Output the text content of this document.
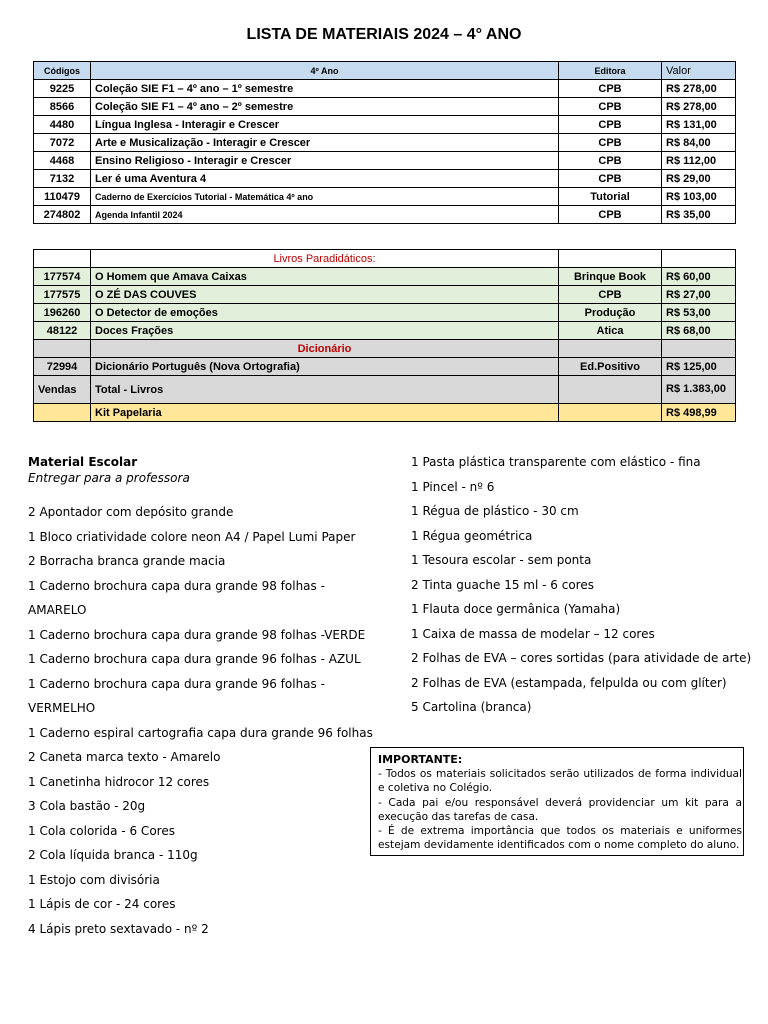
LISTA DE MATERIAIS 2024 – 4° ANO
Códigos	4º Ano	Editora	Valor
9225	Coleção SIE F1 – 4º ano – 1º semestre	CPB	R$ 278,00
8566	Coleção SIE F1 – 4º ano – 2º semestre	CPB	R$ 278,00
4480	Língua Inglesa - Interagir e Crescer	CPB	R$ 131,00
7072	Arte e Musicalização - Interagir e Crescer	CPB	R$ 84,00
4468	Ensino Religioso - Interagir e Crescer	CPB	R$ 112,00
7132	Ler é uma Aventura 4	CPB	R$ 29,00
110479	Caderno de Exercícios Tutorial - Matemática 4º ano	Tutorial	R$ 103,00
274802	Agenda Infantil 2024	CPB	R$ 35,00
	Livros Paradidáticos:		
177574	O Homem que Amava Caixas	Brinque Book	R$ 60,00
177575	O ZÉ DAS COUVES	CPB	R$ 27,00
196260	O Detector de emoções	Produção	R$ 53,00
48122	Doces Frações	Atica	R$ 68,00
	Dicionário		
72994	Dicionário Português (Nova Ortografia)	Ed.Positivo	R$ 125,00
Vendas	Total - Livros		R$ 1.383,00
	Kit Papelaria		R$ 498,99
Material Escolar
Entregar para a professora
2 Apontador com depósito grande
1 Bloco criatividade colore neon A4 / Papel Lumi Paper
2 Borracha branca grande macia
1 Caderno brochura capa dura grande 98 folhas -
AMARELO
1 Caderno brochura capa dura grande 98 folhas -VERDE
1 Caderno brochura capa dura grande 96 folhas - AZUL
1 Caderno brochura capa dura grande 96 folhas -
VERMELHO
1 Caderno espiral cartografia capa dura grande 96 folhas
2 Caneta marca texto - Amarelo
1 Canetinha hidrocor 12 cores
3 Cola bastão - 20g
1 Cola colorida - 6 Cores
2 Cola líquida branca - 110g
1 Estojo com divisória
1 Lápis de cor - 24 cores
4 Lápis preto sextavado - nº 2
1 Pasta plástica transparente com elástico - fina
1 Pincel - nº 6
1 Régua de plástico - 30 cm
1 Régua geométrica
1 Tesoura escolar - sem ponta
2 Tinta guache 15 ml - 6 cores
1 Flauta doce germânica (Yamaha)
1 Caixa de massa de modelar – 12 cores
2 Folhas de EVA – cores sortidas (para atividade de arte)
2 Folhas de EVA (estampada, felpulda ou com glíter)
5 Cartolina (branca)
IMPORTANTE:
- Todos os materiais solicitados serão utilizados de forma individual e coletiva no Colégio.
- Cada pai e/ou responsável deverá providenciar um kit para a execução das tarefas de casa.
- É de extrema importância que todos os materiais e uniformes estejam devidamente identificados com o nome completo do aluno.
